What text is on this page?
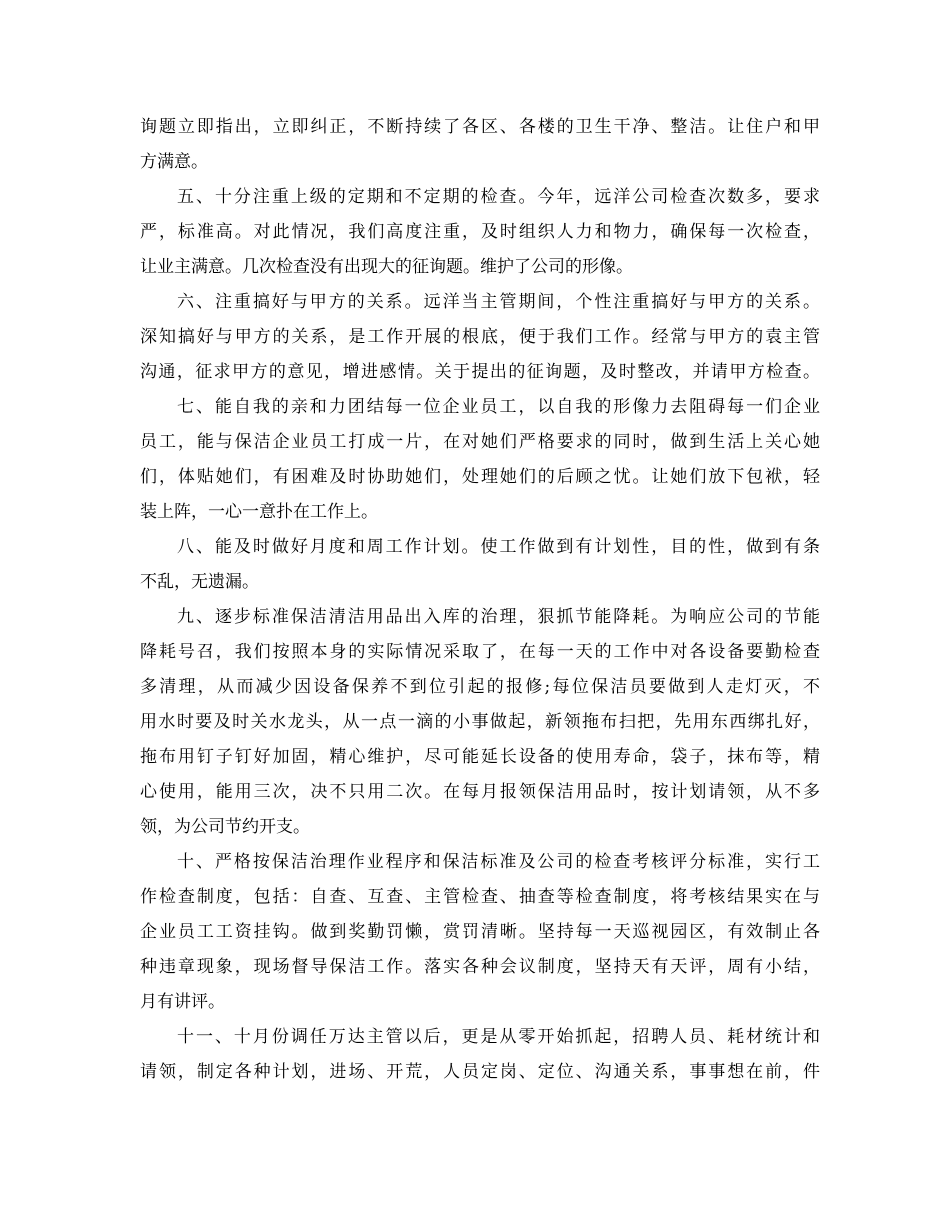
询题立即指出，立即纠正，不断持续了各区、各楼的卫生干净、整洁。让住户和甲
方满意。
五、十分注重上级的定期和不定期的检查。今年，远洋公司检查次数多，要求
严，标准高。对此情况，我们高度注重，及时组织人力和物力，确保每一次检查，
让业主满意。几次检查没有出现大的征询题。维护了公司的形像。
六、注重搞好与甲方的关系。远洋当主管期间，个性注重搞好与甲方的关系。
深知搞好与甲方的关系，是工作开展的根底，便于我们工作。经常与甲方的袁主管
沟通，征求甲方的意见，增进感情。关于提出的征询题，及时整改，并请甲方检查。
七、能自我的亲和力团结每一位企业员工，以自我的形像力去阻碍每一们企业
员工，能与保洁企业员工打成一片，在对她们严格要求的同时，做到生活上关心她
们，体贴她们，有困难及时协助她们，处理她们的后顾之忧。让她们放下包袱，轻
装上阵，一心一意扑在工作上。
八、能及时做好月度和周工作计划。使工作做到有计划性，目的性，做到有条
不乱，无遗漏。
九、逐步标准保洁清洁用品出入库的治理，狠抓节能降耗。为响应公司的节能
降耗号召，我们按照本身的实际情况采取了，在每一天的工作中对各设备要勤检查
多清理，从而减少因设备保养不到位引起的报修;每位保洁员要做到人走灯灭，不
用水时要及时关水龙头，从一点一滴的小事做起，新领拖布扫把，先用东西绑扎好，
拖布用钉子钉好加固，精心维护，尽可能延长设备的使用寿命，袋子，抹布等，精
心使用，能用三次，决不只用二次。在每月报领保洁用品时，按计划请领，从不多
领，为公司节约开支。
十、严格按保洁治理作业程序和保洁标准及公司的检查考核评分标准，实行工
作检查制度，包括：自查、互查、主管检查、抽查等检查制度，将考核结果实在与
企业员工工资挂钩。做到奖勤罚懒，赏罚清晰。坚持每一天巡视园区，有效制止各
种违章现象，现场督导保洁工作。落实各种会议制度，坚持天有天评，周有小结，
月有讲评。
十一、十月份调任万达主管以后，更是从零开始抓起，招聘人员、耗材统计和
请领，制定各种计划，进场、开荒，人员定岗、定位、沟通关系，事事想在前，件
